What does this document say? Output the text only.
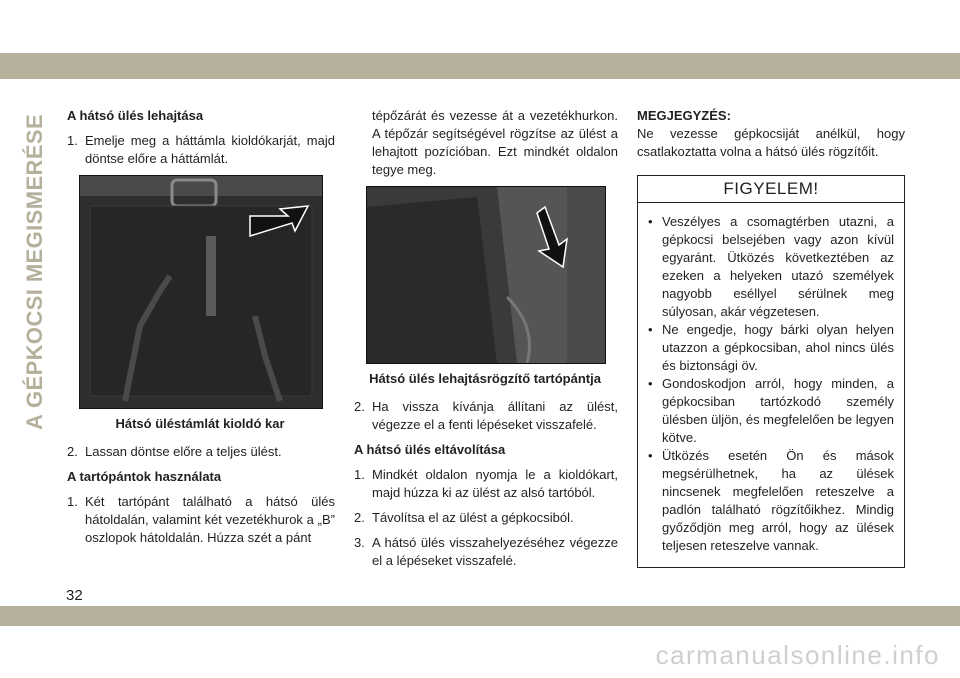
A GÉPKOCSI MEGISMERÉSE A hátsó ülés lehajtása
1. Emelje meg a háttámla kioldókarját, majd döntse előre a háttámlát.
Hátsó üléstámlát kioldó kar
2. Lassan döntse előre a teljes ülést.
A tartópántok használata
1. Két tartópánt található a hátsó ülés hátoldalán, valamint két vezetékhurok a „B” oszlopok hátoldalán. Húzza szét a pánt
tépőzárát és vezesse át a vezetékhurkon. A tépőzár segítségével rögzítse az ülést a lehajtott pozícióban. Ezt mindkét oldalon tegye meg.
Hátsó ülés lehajtásrögzítő tartópántja
2. Ha vissza kívánja állítani az ülést, végezze el a fenti lépéseket visszafelé.
A hátsó ülés eltávolítása
1. Mindkét oldalon nyomja le a kioldókart, majd húzza ki az ülést az alsó tartóból.
2. Távolítsa el az ülést a gépkocsiból.
3. A hátsó ülés visszahelyezéséhez végezze el a lépéseket visszafelé.
MEGJEGYZÉS:
Ne vezesse gépkocsiját anélkül, hogy csatlakoztatta volna a hátsó ülés rögzítőit.
FIGYELEM!
• Veszélyes a csomagtérben utazni, a gépkocsi belsejében vagy azon kívül egyaránt. Ütközés következtében az ezeken a helyeken utazó személyek nagyobb eséllyel sérülnek meg súlyosan, akár végzetesen.
• Ne engedje, hogy bárki olyan helyen utazzon a gépkocsiban, ahol nincs ülés és biztonsági öv.
• Gondoskodjon arról, hogy minden, a gépkocsiban tartózkodó személy ülésben üljön, és megfelelően be legyen kötve.
• Ütközés esetén Ön és mások megsérülhetnek, ha az ülések nincsenek megfelelően reteszelve a padlón található rögzítőikhez. Mindig győződjön meg arról, hogy az ülések teljesen reteszelve vannak.
32
carmanualsonline.info
